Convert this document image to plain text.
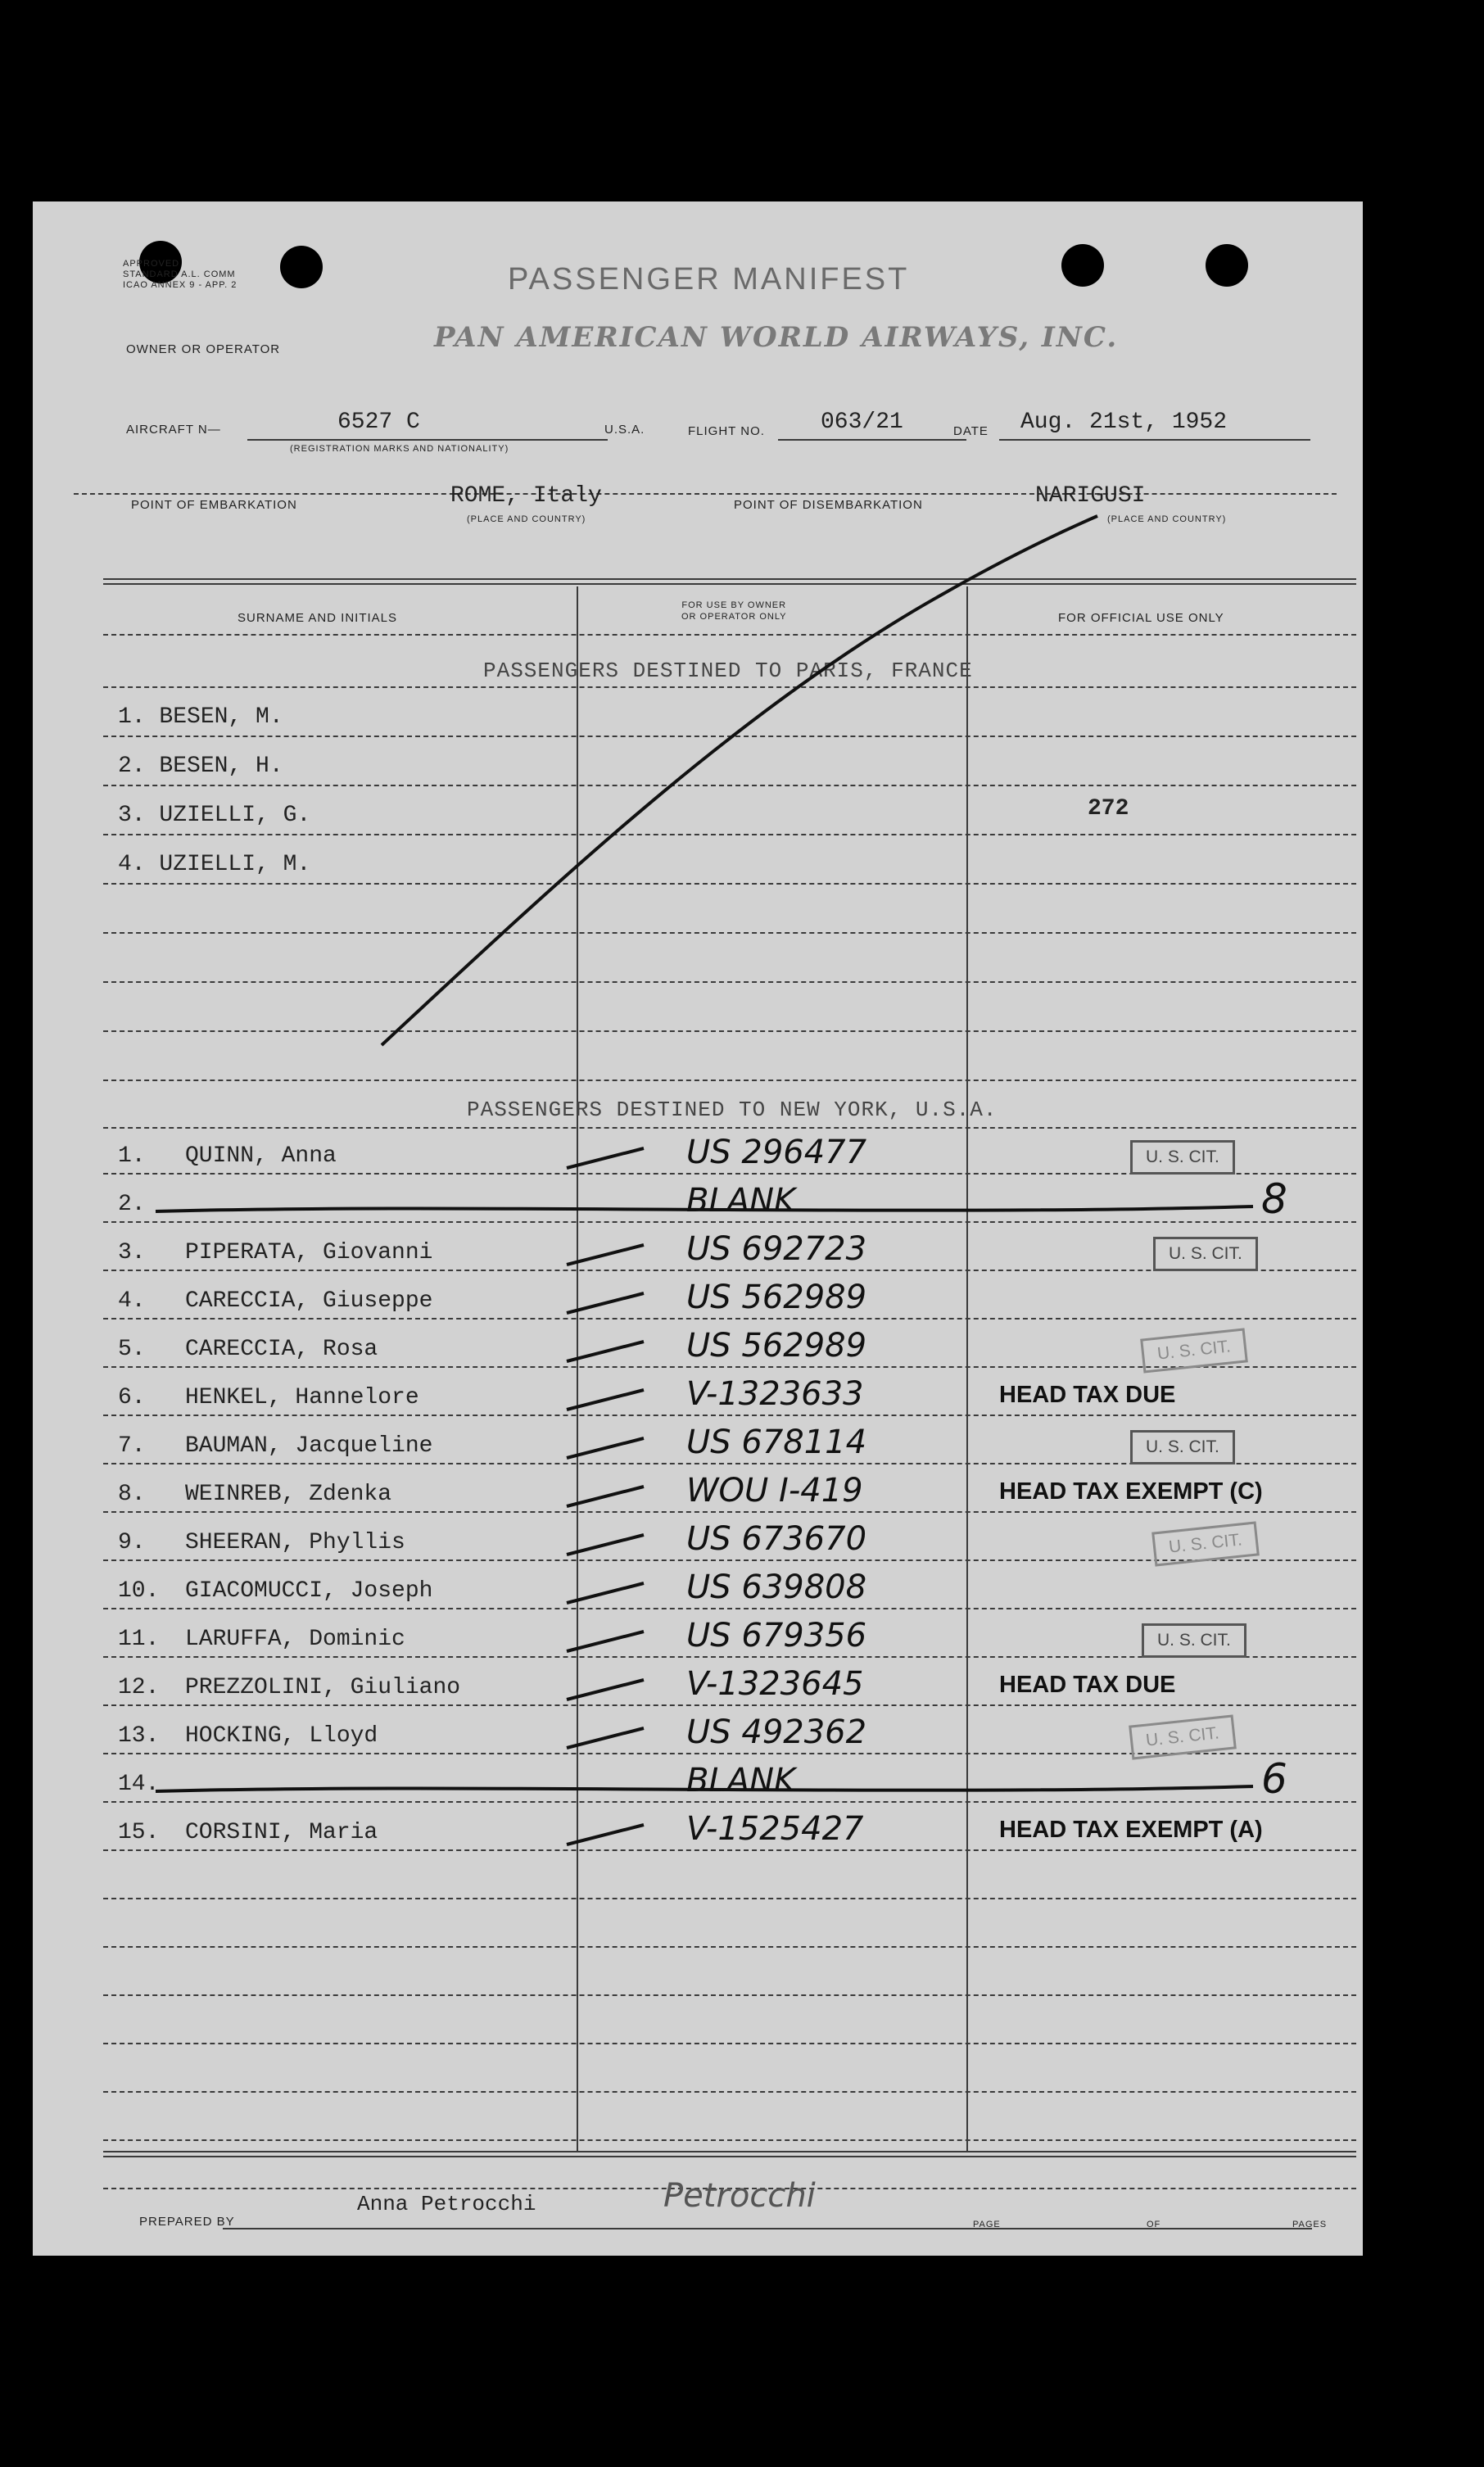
APPROVED
STANDARD A.L. COMM
ICAO ANNEX 9 - APP. 2	PASSENGER MANIFEST
OWNER OR OPERATOR	PAN AMERICAN WORLD AIRWAYS, INC.
AIRCRAFT N—	6527 C
(REGISTRATION MARKS AND NATIONALITY)
U.S.A.	FLIGHT NO. 063/21	DATE Aug. 21st, 1952
POINT OF EMBARKATION	ROME, Italy
(PLACE AND COUNTRY)
POINT OF DISEMBARKATION	NARIGUSI
(PLACE AND COUNTRY)
SURNAME AND INITIALS
FOR USE BY OWNER
OR OPERATOR ONLY	FOR OFFICIAL USE ONLY
PASSENGERS DESTINED TO PARIS, FRANCE
1. BESEN, M.
2. BESEN, H.
3. UZIELLI, G.
4. UZIELLI, M.
272
PASSENGERS DESTINED TO NEW YORK, U.S.A.
1. QUINN, Anna	US 296477	U. S. CIT.
2.	BLANK	8
3. PIPERATA, Giovanni	US 692723	U. S. CIT.
4. CARECCIA, Giuseppe	US 562989
5. CARECCIA, Rosa	US 562989	U. S. CIT.
6. HENKEL, Hannelore	V-1323633	HEAD TAX DUE
7. BAUMAN, Jacqueline	US 678114	U. S. CIT.
8. WEINREB, Zdenka	WOU I-419	HEAD TAX EXEMPT (C)
9. SHEERAN, Phyllis	US 673670	U. S. CIT.
10. GIACOMUCCI, Joseph	US 639808
11. LARUFFA, Dominic	US 679356	U. S. CIT.
12. PREZZOLINI, Giuliano	V-1323645	HEAD TAX DUE
13. HOCKING, Lloyd	US 492362	U. S. CIT.
14.	BLANK	6
15. CORSINI, Maria	V-1525427	HEAD TAX EXEMPT (A)
PREPARED BY
Anna Petrocchi	Petrocchi
PAGE	OF	PAGES
